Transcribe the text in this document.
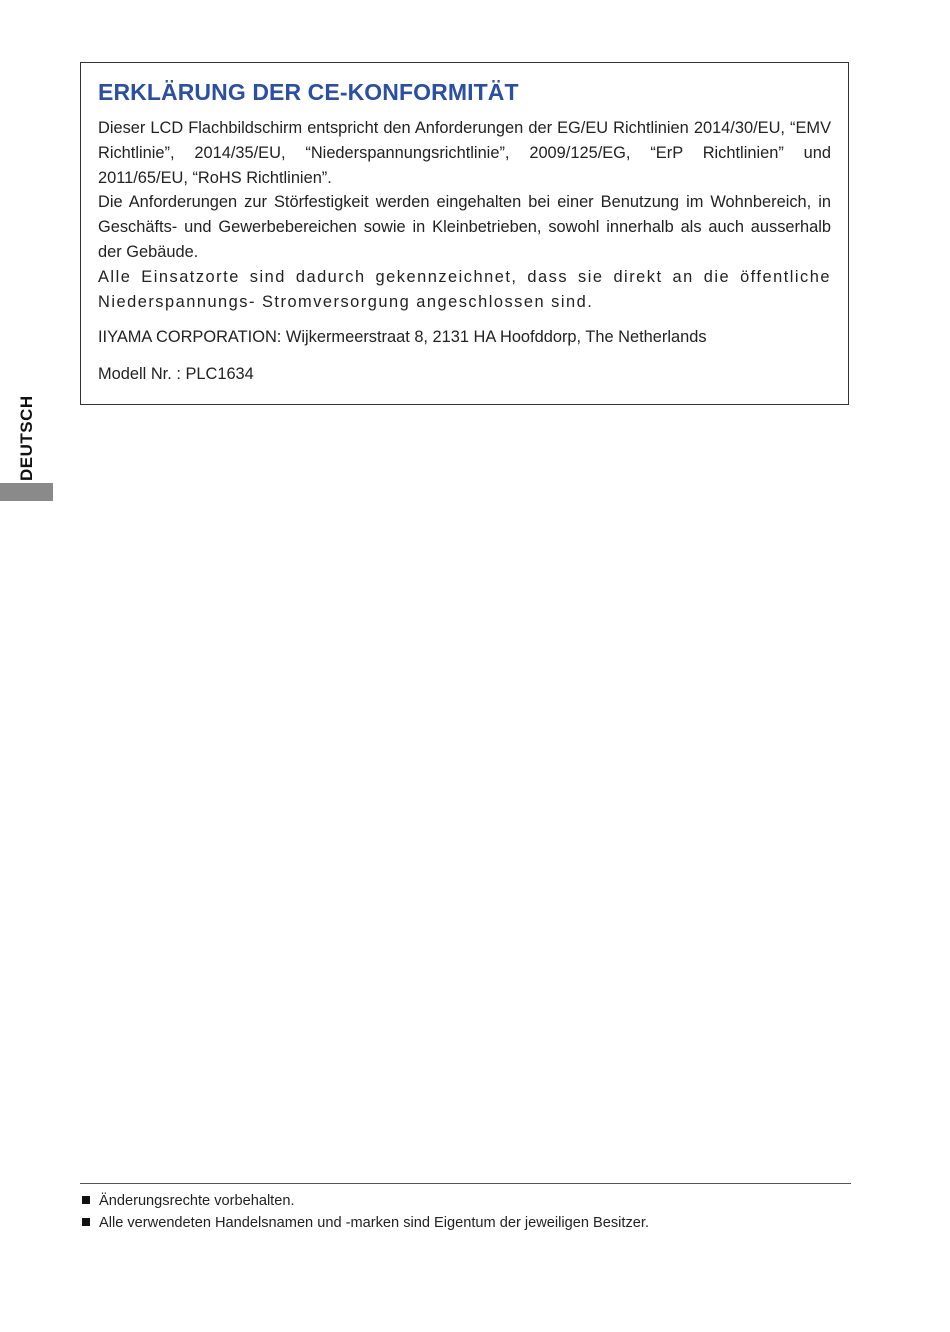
DEUTSCH
ERKLÄRUNG DER CE-KONFORMITÄT

Dieser LCD Flachbildschirm entspricht den Anforderungen der EG/EU Richtlinien 2014/30/EU, “EMV Richtlinie”, 2014/35/EU, “Niederspannungsrichtlinie”, 2009/125/EG, “ErP Richtlinien” und 2011/65/EU, “RoHS Richtlinien”.

Die Anforderungen zur Störfestigkeit werden eingehalten bei einer Benutzung im Wohnbereich, in Geschäfts- und Gewerbebereichen sowie in Kleinbetrieben, sowohl innerhalb als auch ausserhalb der Gebäude.

Alle Einsatzorte sind dadurch gekennzeichnet, dass sie direkt an die öffentliche Niederspannungs- Stromversorgung angeschlossen sind.

IIYAMA CORPORATION: Wijkermeerstraat 8, 2131 HA Hoofddorp, The Netherlands

Modell Nr. : PLC1634

Änderungsrechte vorbehalten.
Alle verwendeten Handelsnamen und -marken sind Eigentum der jeweiligen Besitzer.
